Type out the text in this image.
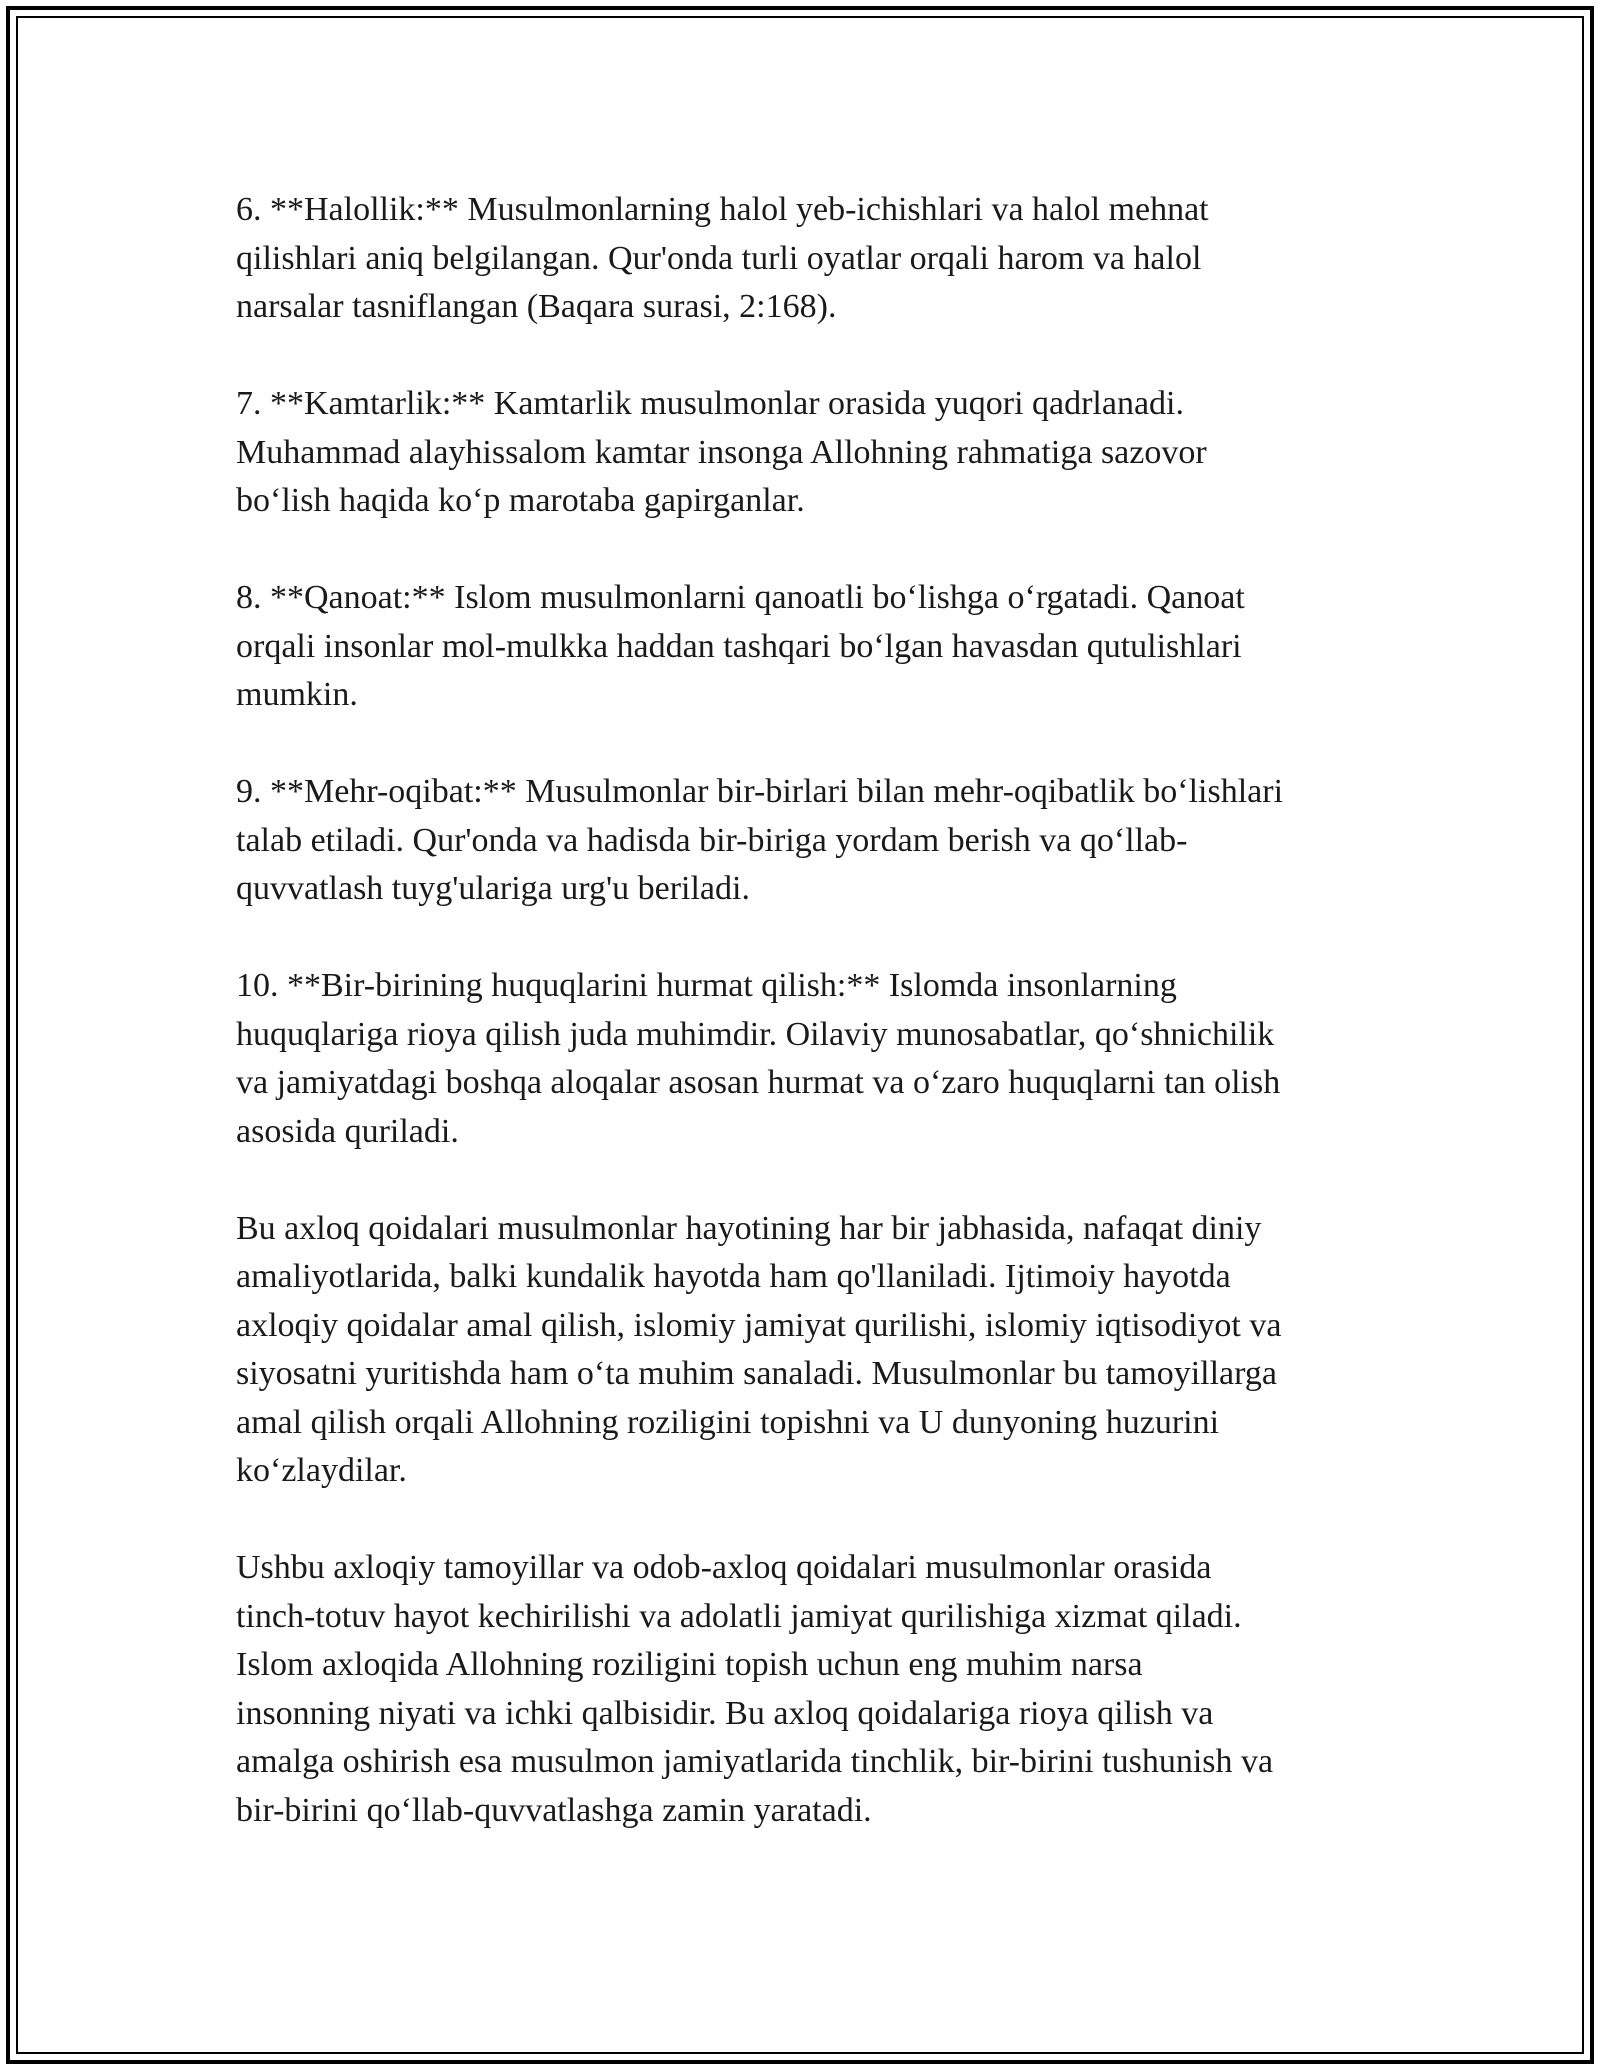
6. **Halollik:** Musulmonlarning halol yeb-ichishlari va halol mehnat
qilishlari aniq belgilangan. Qur'onda turli oyatlar orqali harom va halol
narsalar tasniflangan (Baqara surasi, 2:168).
7. **Kamtarlik:** Kamtarlik musulmonlar orasida yuqori qadrlanadi.
Muhammad alayhissalom kamtar insonga Allohning rahmatiga sazovor
bo‘lish haqida ko‘p marotaba gapirganlar.
8. **Qanoat:** Islom musulmonlarni qanoatli bo‘lishga o‘rgatadi. Qanoat
orqali insonlar mol-mulkka haddan tashqari bo‘lgan havasdan qutulishlari
mumkin.
9. **Mehr-oqibat:** Musulmonlar bir-birlari bilan mehr-oqibatlik bo‘lishlari
talab etiladi. Qur'onda va hadisda bir-biriga yordam berish va qo‘llab-
quvvatlash tuyg'ulariga urg'u beriladi.
10. **Bir-birining huquqlarini hurmat qilish:** Islomda insonlarning
huquqlariga rioya qilish juda muhimdir. Oilaviy munosabatlar, qo‘shnichilik
va jamiyatdagi boshqa aloqalar asosan hurmat va o‘zaro huquqlarni tan olish
asosida quriladi.
Bu axloq qoidalari musulmonlar hayotining har bir jabhasida, nafaqat diniy
amaliyotlarida, balki kundalik hayotda ham qo'llaniladi. Ijtimoiy hayotda
axloqiy qoidalar amal qilish, islomiy jamiyat qurilishi, islomiy iqtisodiyot va
siyosatni yuritishda ham o‘ta muhim sanaladi. Musulmonlar bu tamoyillarga
amal qilish orqali Allohning roziligini topishni va U dunyoning huzurini
ko‘zlaydilar.
Ushbu axloqiy tamoyillar va odob-axloq qoidalari musulmonlar orasida
tinch-totuv hayot kechirilishi va adolatli jamiyat qurilishiga xizmat qiladi.
Islom axloqida Allohning roziligini topish uchun eng muhim narsa
insonning niyati va ichki qalbisidir. Bu axloq qoidalariga rioya qilish va
amalga oshirish esa musulmon jamiyatlarida tinchlik, bir-birini tushunish va
bir-birini qo‘llab-quvvatlashga zamin yaratadi.
